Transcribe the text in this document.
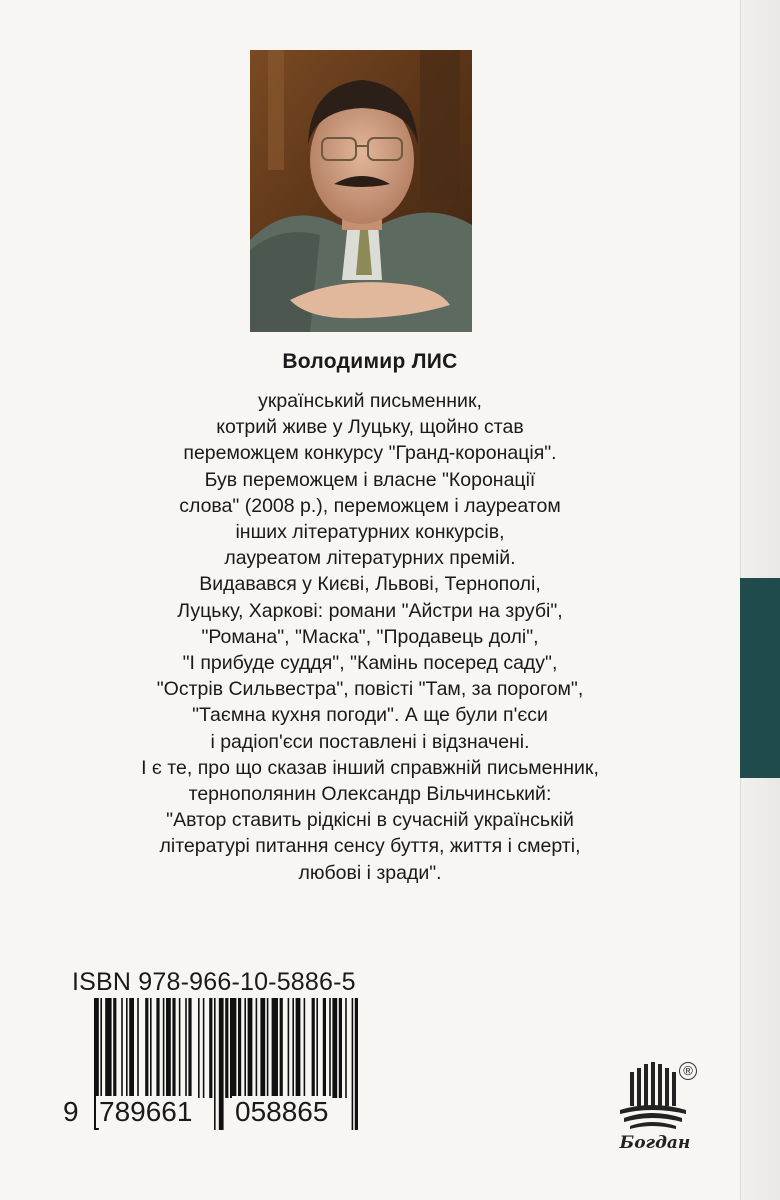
Володимир ЛИС
український письменник,
котрий живе у Луцьку, щойно став
переможцем конкурсу "Гранд-коронація".
Був переможцем і власне "Коронації
слова" (2008 р.), переможцем і лауреатом
інших літературних конкурсів,
лауреатом літературних премій.
Видавався у Києві, Львові, Тернополі,
Луцьку, Харкові: романи "Айстри на зрубі",
"Романа", "Маска", "Продавець долі",
"І прибуде суддя", "Камінь посеред саду",
"Острів Сильвестра", повісті "Там, за порогом",
"Таємна кухня погоди". А ще були п'єси
і радіоп'єси поставлені і відзначені.
І є те, про що сказав інший справжній письменник,
тернополянин Олександр Вільчинський:
"Автор ставить рідкісні в сучасній українській
літературі питання сенсу буття, життя і смерті,
любові і зради".
ISBN 978-966-10-5886-5
9 789661 058865
®
Богдан
